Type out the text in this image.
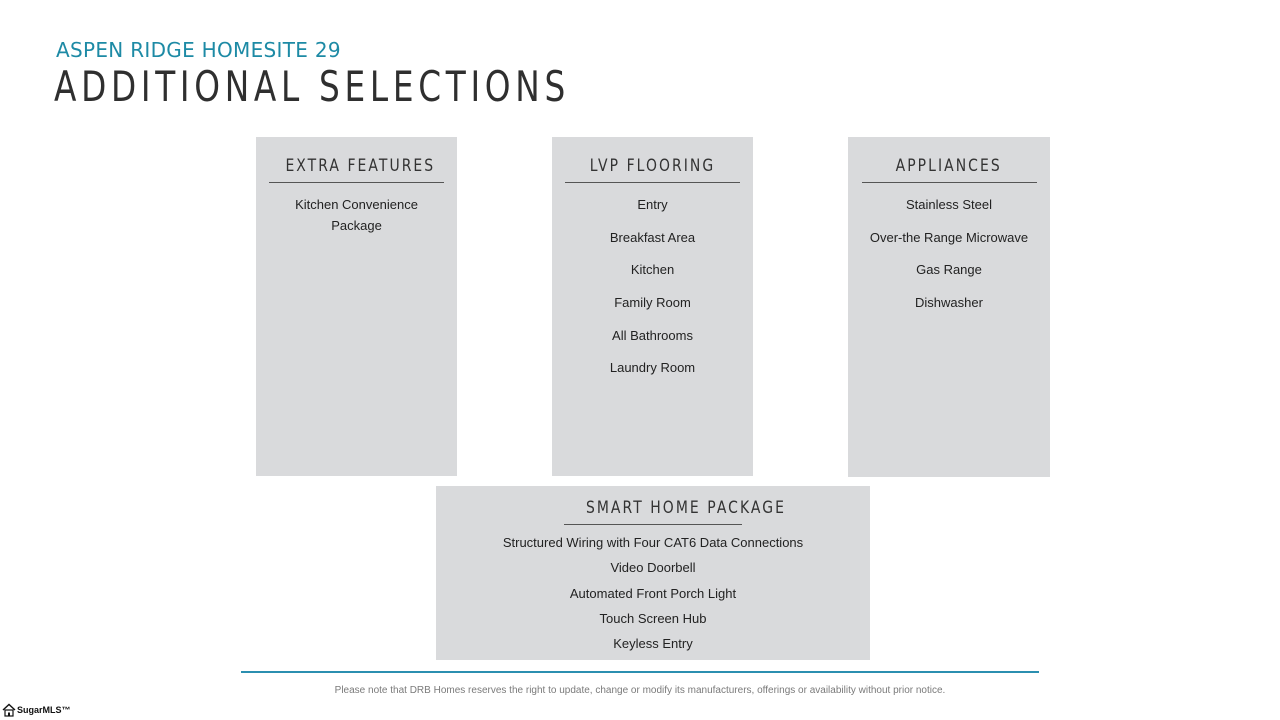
ASPEN RIDGE HOMESITE 29
ADDITIONAL SELECTIONS
EXTRA FEATURES
Kitchen Convenience Package
LVP FLOORING
Entry
Breakfast Area
Kitchen
Family Room
All Bathrooms
Laundry Room
APPLIANCES
Stainless Steel
Over-the Range Microwave
Gas Range
Dishwasher
SMART HOME PACKAGE
Structured Wiring with Four CAT6 Data Connections
Video Doorbell
Automated Front Porch Light
Touch Screen Hub
Keyless Entry
Please note that DRB Homes reserves the right to update, change or modify its manufacturers, offerings or availability without prior notice.
SugarMLS™
